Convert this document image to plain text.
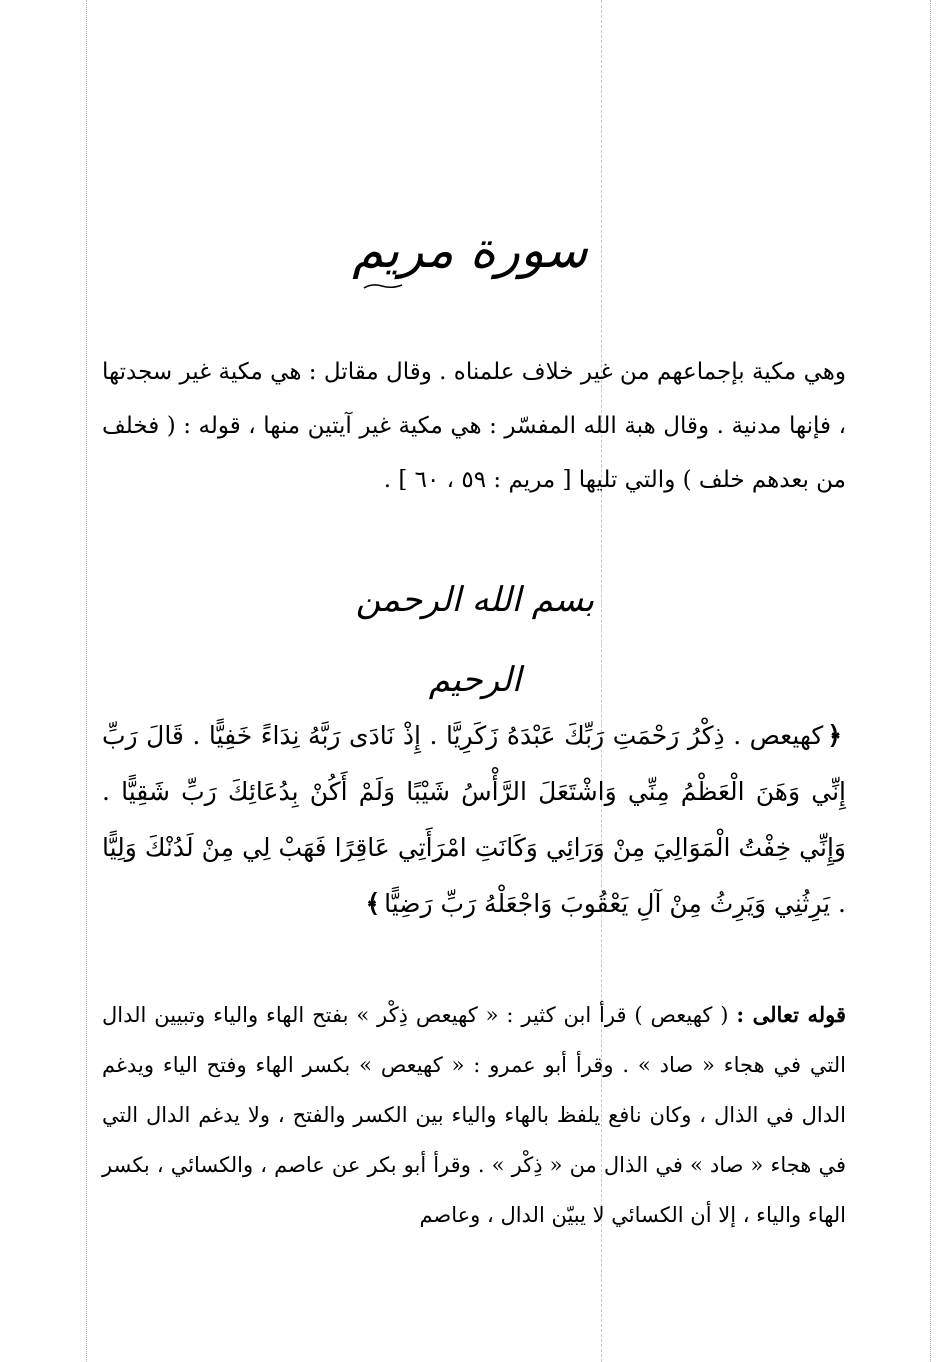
سورة مريم
وهي مكية بإجماعهم من غير خلاف علمناه . وقال مقاتل : هي مكية غير سجدتها ، فإنها مدنية . وقال هبة الله المفسّر : هي مكية غير آيتين منها ، قوله : ( فخلف من بعدهم خلف ) والتي تليها [ مريم : ٥٩ ، ٦٠ ] .
بسم الله الرحمن الرحيم
﴿كهيعص . ذِكْرُ رَحْمَتِ رَبِّكَ عَبْدَهُ زَكَرِيَّا . إِذْ نَادَى رَبَّهُ نِدَاءً خَفِيًّا . قَالَ رَبِّ إِنِّي وَهَنَ الْعَظْمُ مِنِّي وَاشْتَعَلَ الرَّأْسُ شَيْبًا وَلَمْ أَكُنْ بِدُعَائِكَ رَبِّ شَقِيًّا . وَإِنِّي خِفْتُ الْمَوَالِيَ مِنْ وَرَائِي وَكَانَتِ امْرَأَتِي عَاقِرًا فَهَبْ لِي مِنْ لَدُنْكَ وَلِيًّا . يَرِثُنِي وَيَرِثُ مِنْ آلِ يَعْقُوبَ وَاجْعَلْهُ رَبِّ رَضِيًّا﴾
قوله تعالى : ( كهيعص ) قرأ ابن كثير : « كهيعص ذِكْر » بفتح الهاء والياء وتبيين الدال التي في هجاء « صاد » . وقرأ أبو عمرو : « كهيعص » بكسر الهاء وفتح الياء ويدغم الدال في الذال ، وكان نافع يلفظ بالهاء والياء بين الكسر والفتح ، ولا يدغم الدال التي في هجاء « صاد » في الذال من « ذِكْر » . وقرأ أبو بكر عن عاصم ، والكسائي ، بكسر الهاء والياء ، إلا أن الكسائي لا يبيّن الدال ، وعاصم
